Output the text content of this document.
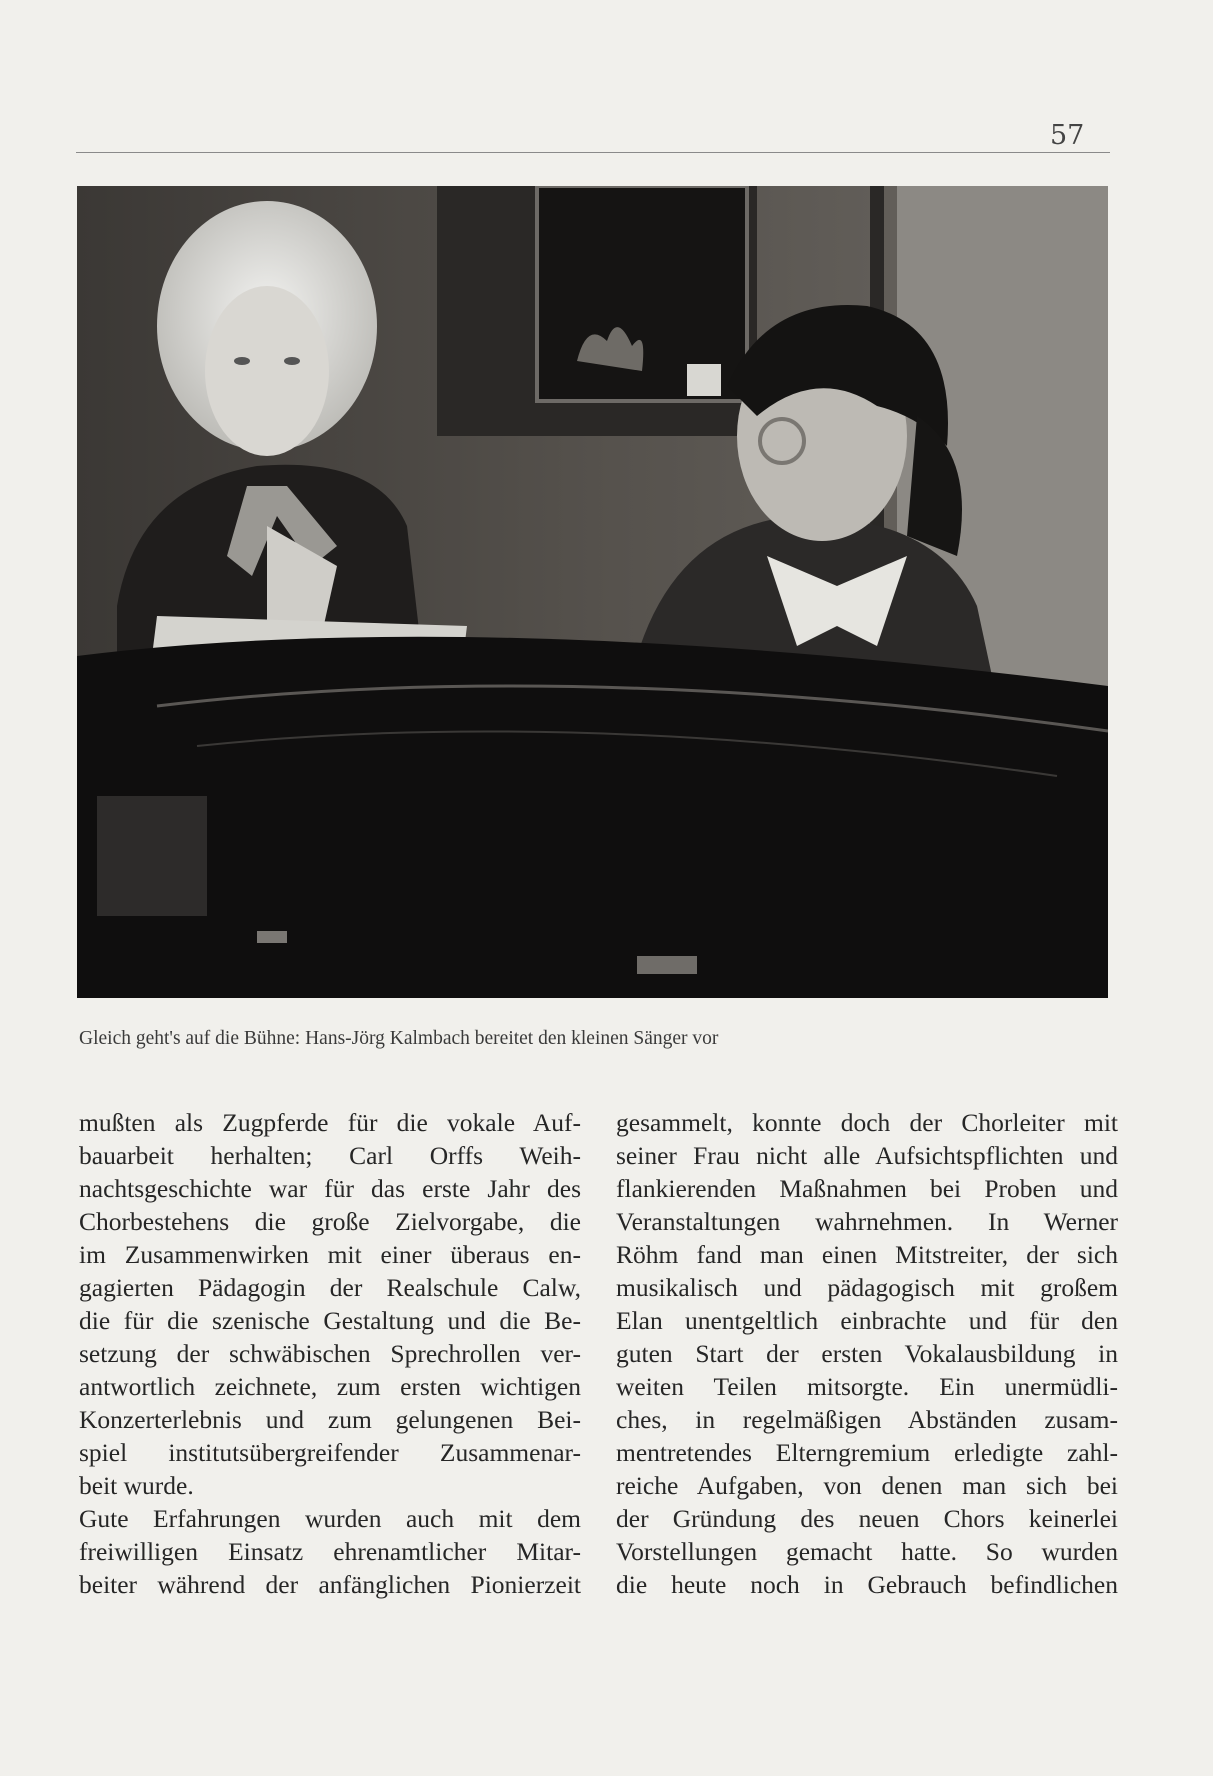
57
Gleich geht's auf die Bühne: Hans-Jörg Kalmbach bereitet den kleinen Sänger vor
mußten als Zugpferde für die vokale Auf-
bauarbeit herhalten; Carl Orffs Weih-
nachtsgeschichte war für das erste Jahr des
Chorbestehens die große Zielvorgabe, die
im Zusammenwirken mit einer überaus en-
gagierten Pädagogin der Realschule Calw,
die für die szenische Gestaltung und die Be-
setzung der schwäbischen Sprechrollen ver-
antwortlich zeichnete, zum ersten wichtigen
Konzerterlebnis und zum gelungenen Bei-
spiel institutsübergreifender Zusammenar-
beit wurde.
Gute Erfahrungen wurden auch mit dem
freiwilligen Einsatz ehrenamtlicher Mitar-
beiter während der anfänglichen Pionierzeit
gesammelt, konnte doch der Chorleiter mit
seiner Frau nicht alle Aufsichtspflichten und
flankierenden Maßnahmen bei Proben und
Veranstaltungen wahrnehmen. In Werner
Röhm fand man einen Mitstreiter, der sich
musikalisch und pädagogisch mit großem
Elan unentgeltlich einbrachte und für den
guten Start der ersten Vokalausbildung in
weiten Teilen mitsorgte. Ein unermüdli-
ches, in regelmäßigen Abständen zusam-
mentretendes Elterngremium erledigte zahl-
reiche Aufgaben, von denen man sich bei
der Gründung des neuen Chors keinerlei
Vorstellungen gemacht hatte. So wurden
die heute noch in Gebrauch befindlichen
